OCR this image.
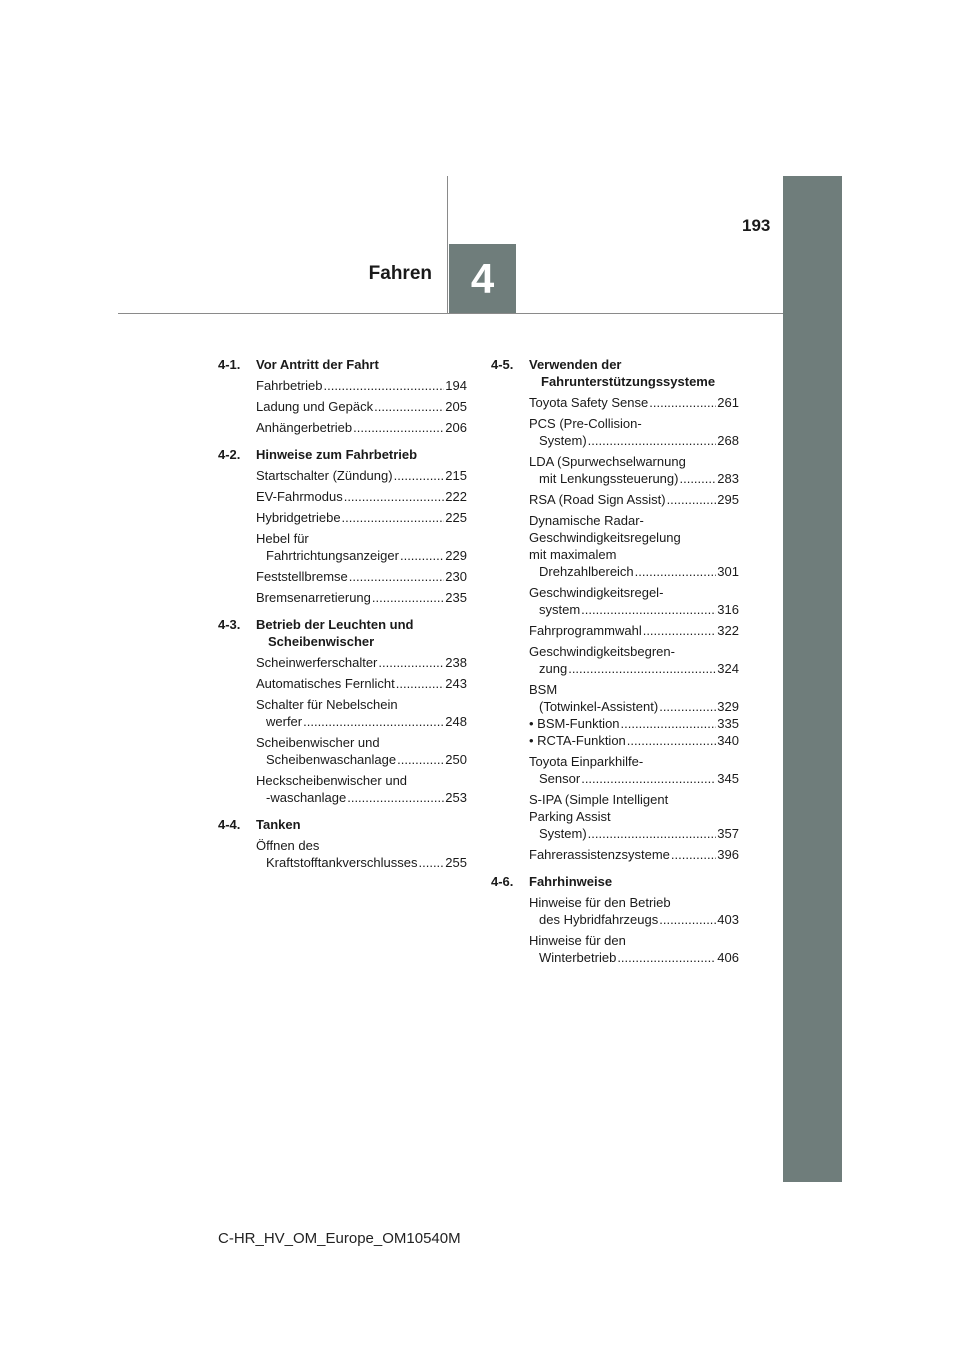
4
Fahren
193
4-1.	Vor Antritt der Fahrt
Fahrbetrieb .....	194
Ladung und Gepäck .....	205
Anhängerbetrieb .....	206
4-2.	Hinweise zum Fahrbetrieb
Startschalter (Zündung) .....	215
EV-Fahrmodus .....	222
Hybridgetriebe .....	225
Hebel für
Fahrtrichtungsanzeiger .....	229
Feststellbremse .....	230
Bremsenarretierung .....	235
4-3.	Betrieb der Leuchten und Scheibenwischer
Scheinwerferschalter .....	238
Automatisches Fernlicht .....	243
Schalter für Nebelschein
werfer .....	248
Scheibenwischer und
Scheibenwaschanlage .....	250
Heckscheibenwischer und
-waschanlage .....	253
4-4.	Tanken
Öffnen des
Kraftstofftankverschlusses ..... 255
4-5.	Verwenden der Fahrunterstützungssysteme
Toyota Safety Sense .....	261
PCS (Pre-Collision-
System) .....	268
LDA (Spurwechselwarnung
mit Lenkungssteuerung) .....	283
RSA (Road Sign Assist) .....	295
Dynamische Radar-
Geschwindigkeitsregelung
mit maximalem
Drehzahlbereich .....	301
Geschwindigkeitsregel-
system .....	316
Fahrprogrammwahl .....	322
Geschwindigkeitsbegren-
zung .....	324
BSM
(Totwinkel-Assistent) .....	329
• BSM-Funktion .....	335
• RCTA-Funktion .....	340
Toyota Einparkhilfe-
Sensor .....	345
S-IPA (Simple Intelligent
Parking Assist
System) .....	357
Fahrerassistenzsysteme .....	396
4-6.	Fahrhinweise
Hinweise für den Betrieb
des Hybridfahrzeugs .....	403
Hinweise für den
Winterbetrieb .....	406
C-HR_HV_OM_Europe_OM10540M
